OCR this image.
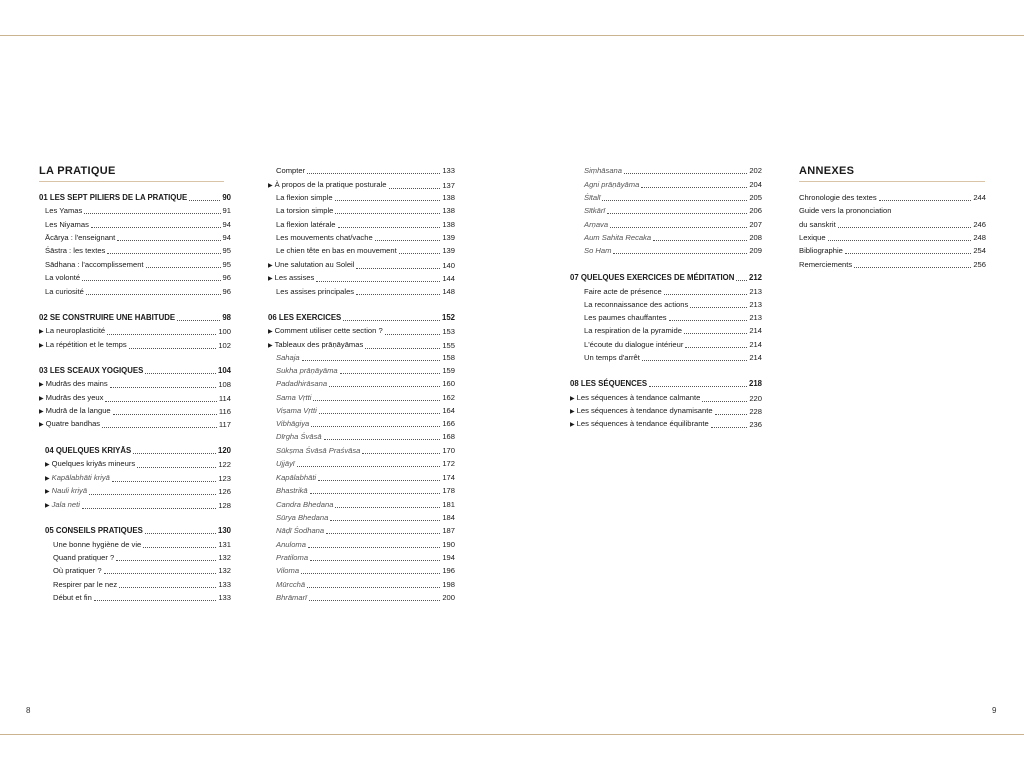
LA PRATIQUE	ANNEXES
01 LES SEPT PILIERS DE LA PRATIQUE	90
Les Yamas	91
Les Niyamas	94
Ācārya : l'enseignant	94
Śāstra : les textes	95
Sādhana : l'accomplissement	95
La volonté	96
La curiosité	96
02 SE CONSTRUIRE UNE HABITUDE	98
▶ La neuroplasticité	100
▶ La répétition et le temps	102
03 LES SCEAUX YOGIQUES	104
▶ Mudrās des mains	108
▶ Mudrās des yeux	114
▶ Mudrā de la langue	116
▶ Quatre bandhas	117
04 QUELQUES KRIYĀS	120
▶ Quelques kriyās mineurs	122
▶ Kapālabhāti kriyā	123
▶ Nauli kriyā	126
▶ Jala neti	128
05 CONSEILS PRATIQUES	130
Une bonne hygiène de vie	131
Quand pratiquer ?	132
Où pratiquer ?	132
Respirer par le nez	133
Début et fin	133
Compter	133
▶ À propos de la pratique posturale	137
La flexion simple	138
La torsion simple	138
La flexion latérale	138
Les mouvements chat/vache	139
Le chien tête en bas en mouvement	139
▶ Une salutation au Soleil	140
▶ Les assises	144
Les assises principales	148
06 LES EXERCICES	152
▶ Comment utiliser cette section ?	153
▶ Tableaux des prāṇāyāmas	155
Sahaja	158
Sukha prāṇāyāma	159
Padadhirāsana	160
Sama Vṛtti	162
Viṣama Vṛtti	164
Vibhāgiya	166
Dīrgha Śvāsā	168
Sūkṣma Śvāsā Praśvāsa	170
Ujjāyī	172
Kapālabhāti	174
Bhastrikā	178
Candra Bhedana	181
Sūrya Bhedana	184
Nāḍī Śodhana	187
Anuloma	190
Pratiloma	194
Viloma	196
Mūrcchā	198
Bhrāmarī	200
Siṃhāsana	202
Agni prāṇāyāma	204
Śītalī	205
Sītkārī	206
Arṇava	207
Aum Sahita Recaka	208
So Ham	209
07 QUELQUES EXERCICES DE MÉDITATION 212
Faire acte de présence	213
La reconnaissance des actions	213
Les paumes chauffantes	213
La respiration de la pyramide	214
L'écoute du dialogue intérieur	214
Un temps d'arrêt	214
08 LES SÉQUENCES	218
▶ Les séquences à tendance calmante	220
▶ Les séquences à tendance dynamisante	228
▶ Les séquences à tendance équilibrante	236
Chronologie des textes	244
Guide vers la prononciation
du sanskrit	246
Lexique	248
Bibliographie	254
Remerciements	256
8	9
